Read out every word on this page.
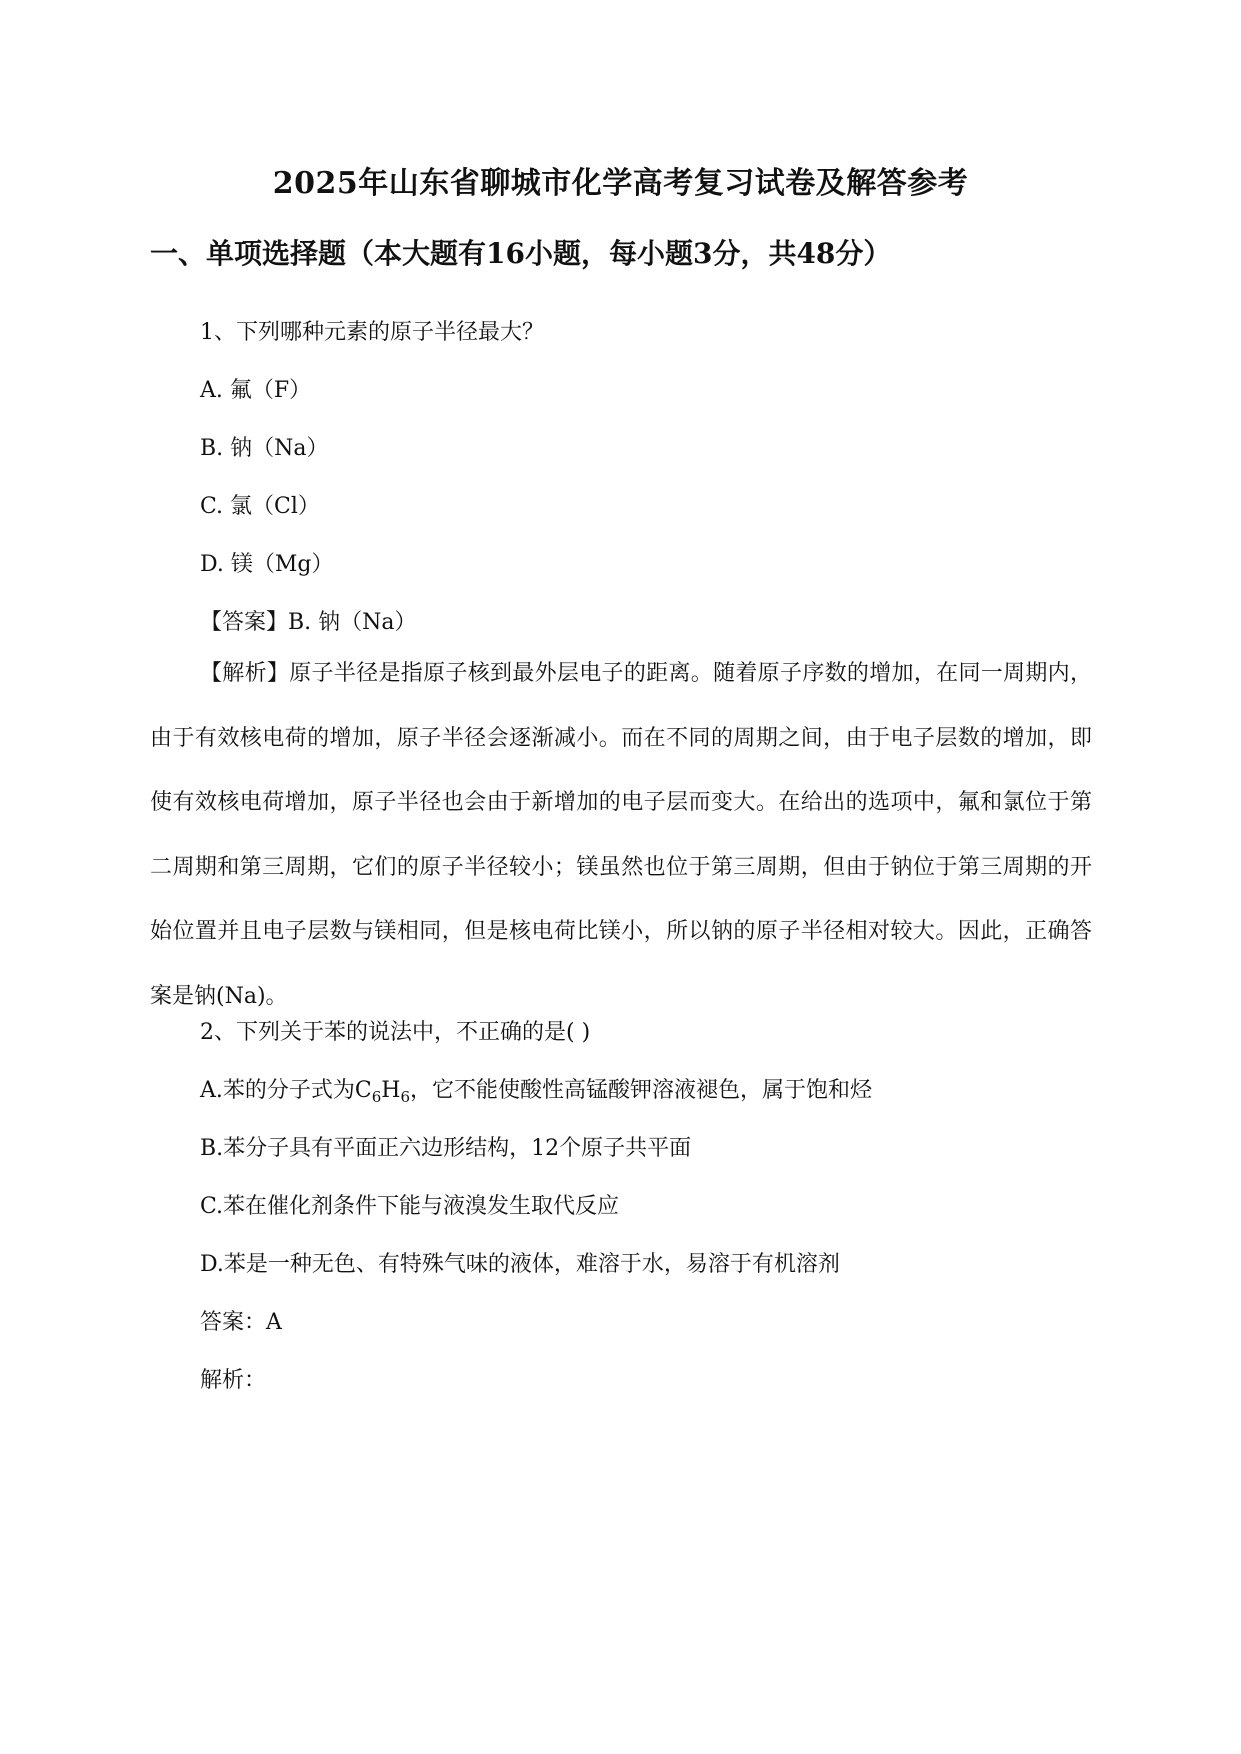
2025年山东省聊城市化学高考复习试卷及解答参考
一、单项选择题（本大题有16小题，每小题3分，共48分）

1、下列哪种元素的原子半径最大？

A. 氟（F）

B. 钠（Na）

C. 氯（Cl）

D. 镁（Mg）

【答案】B. 钠（Na）

【解析】原子半径是指原子核到最外层电子的距离。随着原子序数的增加，在同一周期内，由于有效核电荷的增加，原子半径会逐渐减小。而在不同的周期之间，由于电子层数的增加，即使有效核电荷增加，原子半径也会由于新增加的电子层而变大。在给出的选项中，氟和氯位于第二周期和第三周期，它们的原子半径较小；镁虽然也位于第三周期，但由于钠位于第三周期的开始位置并且电子层数与镁相同，但是核电荷比镁小，所以钠的原子半径相对较大。因此，正确答案是钠(Na)。

2、下列关于苯的说法中，不正确的是( )

A.苯的分子式为$C_6H_6$，它不能使酸性高锰酸钾溶液褪色，属于饱和烃

B.苯分子具有平面正六边形结构，12个原子共平面

C.苯在催化剂条件下能与液溴发生取代反应

D.苯是一种无色、有特殊气味的液体，难溶于水，易溶于有机溶剂

答案：A

解析：
